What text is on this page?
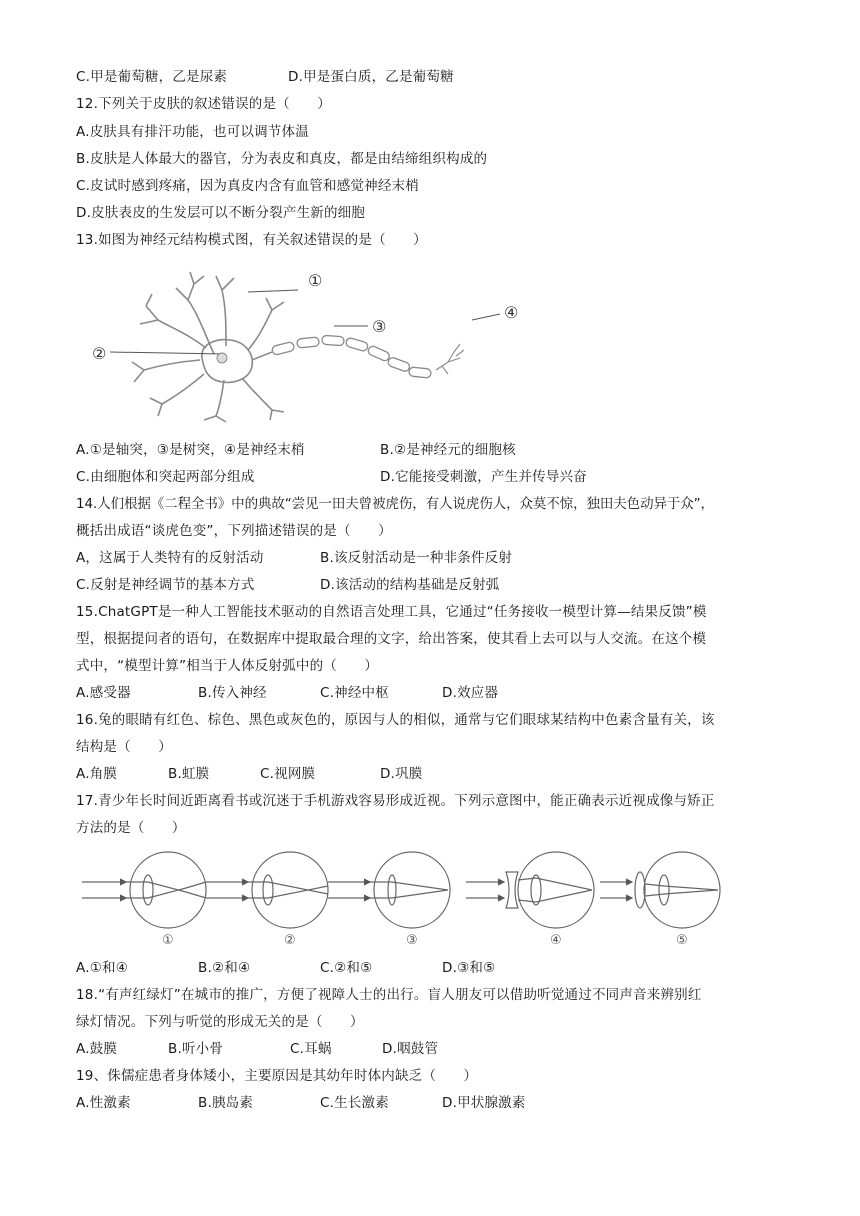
C.甲是葡萄糖，乙是尿素	D.甲是蛋白质，乙是葡萄糖
12.下列关于皮肤的叙述错误的是（　　）
A.皮肤具有排汗功能，也可以调节体温
B.皮肤是人体最大的器官，分为表皮和真皮，都是由结缔组织构成的
C.皮试时感到疼痛，因为真皮内含有血管和感觉神经末梢
D.皮肤表皮的生发层可以不断分裂产生新的细胞
13.如图为神经元结构模式图，有关叙述错误的是（　　）
①
②
③
④
A.①是轴突，③是树突，④是神经末梢	B.②是神经元的细胞核
C.由细胞体和突起两部分组成	D.它能接受刺激，产生并传导兴奋
14.人们根据《二程全书》中的典故“尝见一田夫曾被虎伤，有人说虎伤人，众莫不惊，独田夫色动异于众”，
概括出成语“谈虎色变”，下列描述错误的是（　　）
A，这属于人类特有的反射活动	B.该反射活动是一种非条件反射
C.反射是神经调节的基本方式	D.该活动的结构基础是反射弧
15.ChatGPT是一种人工智能技术驱动的自然语言处理工具，它通过“任务接收一模型计算—结果反馈”模
型，根据提问者的语句，在数据库中提取最合理的文字，给出答案，使其看上去可以与人交流。在这个模
式中，“模型计算”相当于人体反射弧中的（　　）
A.感受器	B.传入神经	C.神经中枢	D.效应器
16.兔的眼睛有红色、棕色、黑色或灰色的，原因与人的相似，通常与它们眼球某结构中色素含量有关，该
结构是（　　）
A.角膜	B.虹膜	C.视网膜	D.巩膜
17.青少年长时间近距离看书或沉迷于手机游戏容易形成近视。下列示意图中，能正确表示近视成像与矫正
方法的是（　　）
①	②	③	④	⑤
A.①和④	B.②和④	C.②和⑤	D.③和⑤
18.“有声红绿灯”在城市的推广，方便了视障人士的出行。盲人朋友可以借助听觉通过不同声音来辨别红
绿灯情况。下列与听觉的形成无关的是（　　）
A.鼓膜	B.听小骨	C.耳蜗	D.咽鼓管
19、侏儒症患者身体矮小，主要原因是其幼年时体内缺乏（　　）
A.性激素	B.胰岛素	C.生长激素	D.甲状腺激素
